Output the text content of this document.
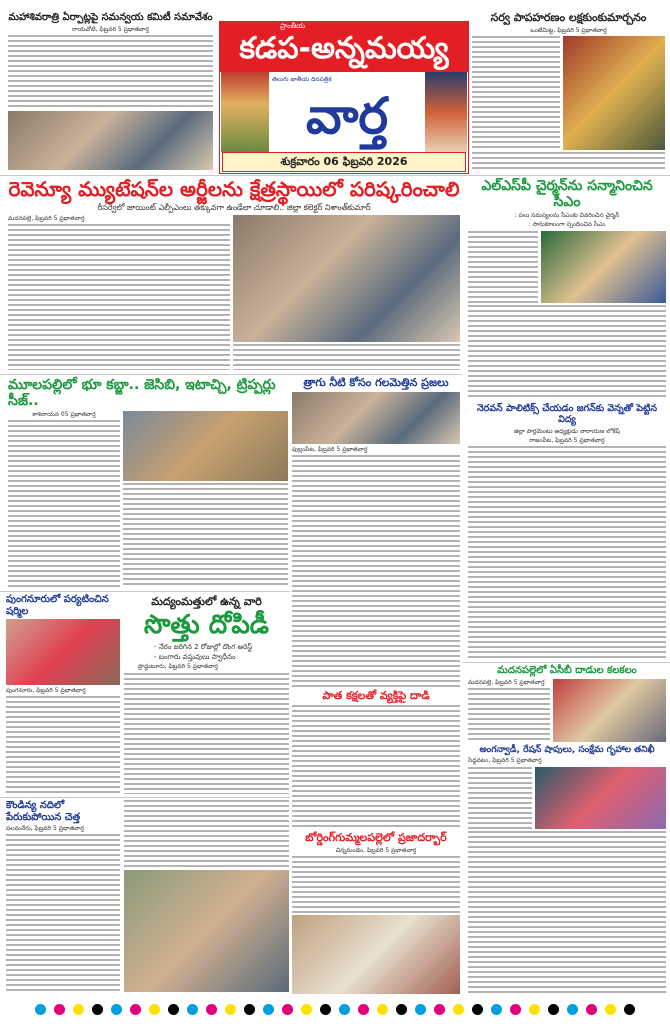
మహాశివరాత్రి ఏర్పాట్లపై సమన్వయ కమిటీ సమావేశం
రాయచోటి, ఫిబ్రవరి 5 ప్రభాతవార్త	ప్రాంతీయ
కడప-అన్నమయ్య
తెలుగు జాతీయ దినపత్రిక
వార్త
శుక్రవారం 06 ఫిబ్రవరి 2026
సర్వ పాపహరణం లక్షకుంకుమార్చనం
ఒంటిమిట్ట, ఫిబ్రవరి 5 ప్రభాతవార్త
రెవెన్యూ మ్యుటేషన్‌ల అర్జీలను క్షేత్రస్థాయిలో పరిష్కరించాలి
రీసర్వేలో జాయింట్ ఎల్పీఎంలు తక్కువగా ఉండేలా చూడాలి.. జిల్లా కలెక్టర్ నిశాంత్‌కుమార్
మదనపల్లె, ఫిబ్రవరి 5 ప్రభాతవార్త
ఎల్ఎస్‌పీ చైర్మన్‌ను సన్మానించిన సీఎం
: పలు సమస్యలను సీఎంకు వివరించిన చైర్మన్
: సానుకూలంగా స్పందించిన సీఎం
మూలపల్లిలో భూ కబ్జా.. జెసిబి, ఇటాచ్చి, ట్రిప్పర్లు సీజ్..
కాశినాయన 05 ప్రభాతవార్త
త్రాగు నీటి కోసం గలమెత్తిన ప్రజలు
పుల్లంపేట, ఫిబ్రవరి 5 ప్రభాతవార్త
నెరవన్ పాలిటిక్స్ చేయడం జగన్‌కు వెన్నతో పెట్టిన విద్య
జిల్లా పార్లమెంటు అధ్యక్షుడు నారాయణ లోకేష్
రాజంపేట, ఫిబ్రవరి 5 ప్రభాతవార్త
పుంగనూరులో పర్యటించిన షర్మిల
పుంగనూరు, ఫిబ్రవరి 5 ప్రభాతవార్త
మద్యంమత్తులో ఉన్న వారి
సొత్తు దోపిడీ
- నేరం జరిగిన 2 రోజుల్లో దొంగ అరెస్ట్
- బంగారు వస్తువులు స్వాధీనం
ప్రొద్దుటూరు, ఫిబ్రవరి 5 ప్రభాతవార్త	మదనపల్లెలో ఏసీబీ దాడుల కలకలం
మదనపల్లె, ఫిబ్రవరి 5 ప్రభాతవార్త
పాత కక్షలతో వ్యక్తిపై దాడి
అంగన్వాడీ, రేషన్ షాపులు, సంక్షేమ గృహాల తనిఖీ
సిద్దవటం, ఫిబ్రవరి 5 ప్రభాతవార్త
కౌండిన్య నదిలో పేరుకుపోయిన చెత్త
పలమనేరు, ఫిబ్రవరి 5 ప్రభాతవార్త
బోర్డింగ్‌గుమ్మలపల్లెలో ప్రజాదర్బార్
చిన్నమండెం, ఫిబ్రవరి 5 ప్రభాతవార్త
